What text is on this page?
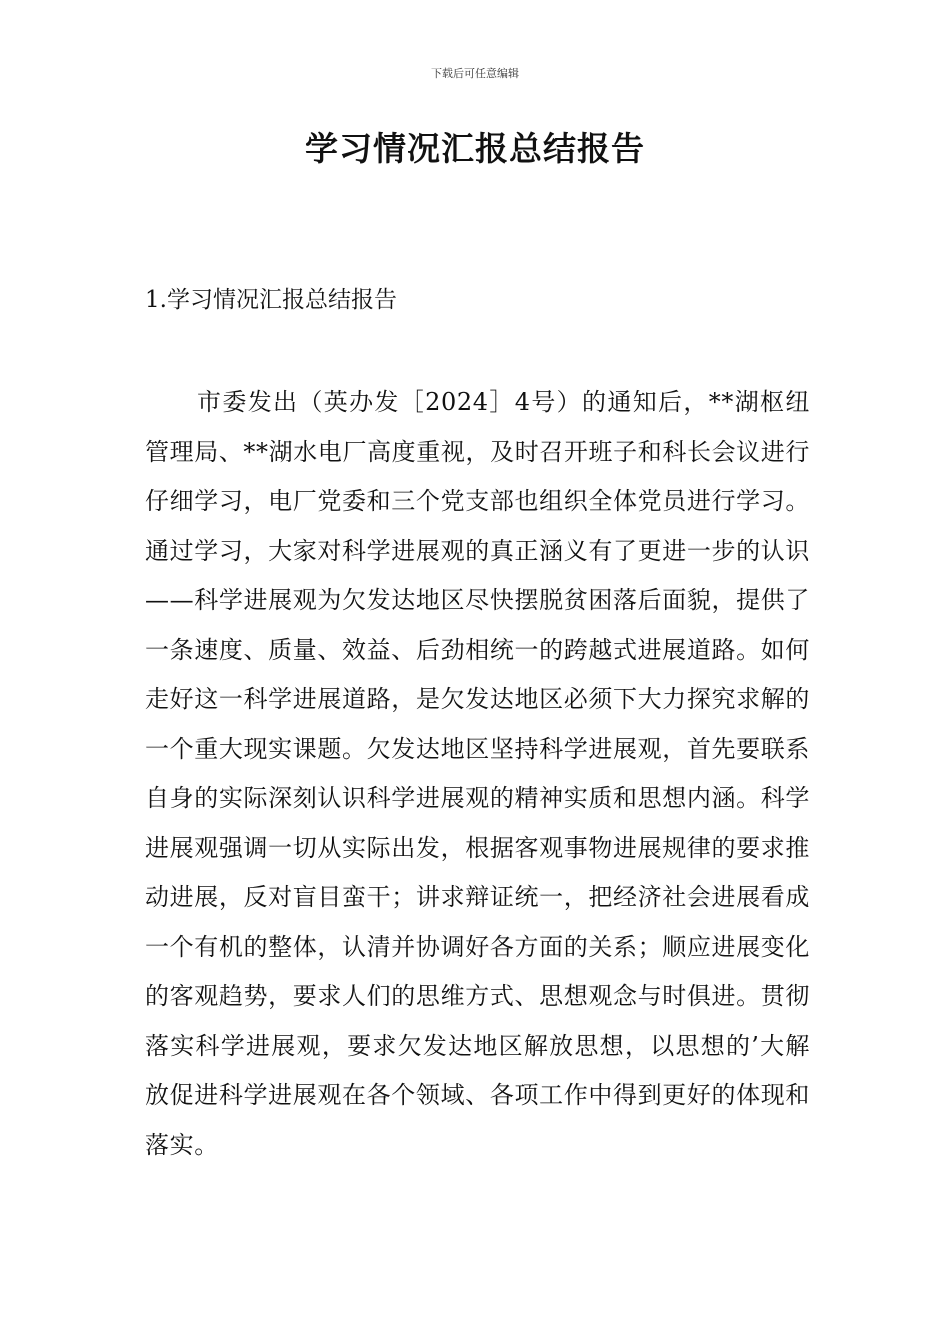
下载后可任意编辑
学习情况汇报总结报告
1.学习情况汇报总结报告

市委发出（英办发［2024］4号）的通知后，**湖枢纽管理局、**湖水电厂高度重视，及时召开班子和科长会议进行仔细学习，电厂党委和三个党支部也组织全体党员进行学习。通过学习，大家对科学进展观的真正涵义有了更进一步的认识——科学进展观为欠发达地区尽快摆脱贫困落后面貌，提供了一条速度、质量、效益、后劲相统一的跨越式进展道路。如何走好这一科学进展道路，是欠发达地区必须下大力探究求解的一个重大现实课题。欠发达地区坚持科学进展观，首先要联系自身的实际深刻认识科学进展观的精神实质和思想内涵。科学进展观强调一切从实际出发，根据客观事物进展规律的要求推动进展，反对盲目蛮干；讲求辩证统一，把经济社会进展看成一个有机的整体，认清并协调好各方面的关系；顺应进展变化的客观趋势，要求人们的思维方式、思想观念与时俱进。贯彻落实科学进展观，要求欠发达地区解放思想，以思想的’大解放促进科学进展观在各个领域、各项工作中得到更好的体现和落实。
